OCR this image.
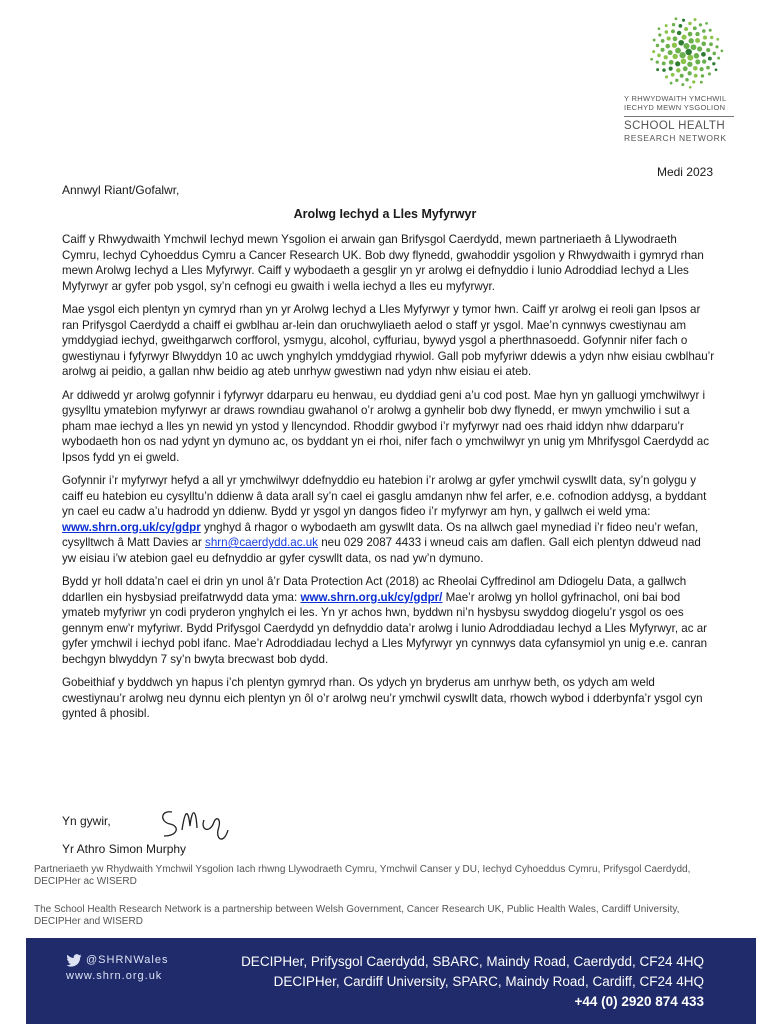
Y RHWYDWAITH YMCHWIL
IECHYD MEWN YSGOLION
SCHOOL HEALTH
RESEARCH NETWORK
Medi 2023
Annwyl Riant/Gofalwr,
Arolwg Iechyd a Lles Myfyrwyr

Caiff y Rhwydwaith Ymchwil Iechyd mewn Ysgolion ei arwain gan Brifysgol Caerdydd, mewn partneriaeth â Llywodraeth Cymru, Iechyd Cyhoeddus Cymru a Cancer Research UK. Bob dwy flynedd, gwahoddir ysgolion y Rhwydwaith i gymryd rhan mewn Arolwg Iechyd a Lles Myfyrwyr. Caiff y wybodaeth a gesglir yn yr arolwg ei defnyddio i lunio Adroddiad Iechyd a Lles Myfyrwyr ar gyfer pob ysgol, sy’n cefnogi eu gwaith i wella iechyd a lles eu myfyrwyr.

Mae ysgol eich plentyn yn cymryd rhan yn yr Arolwg Iechyd a Lles Myfyrwyr y tymor hwn. Caiff yr arolwg ei reoli gan Ipsos ar ran Prifysgol Caerdydd a chaiff ei gwblhau ar-lein dan oruchwyliaeth aelod o staff yr ysgol. Mae’n cynnwys cwestiynau am ymddygiad iechyd, gweithgarwch corfforol, ysmygu, alcohol, cyffuriau, bywyd ysgol a pherthnasoedd. Gofynnir nifer fach o gwestiynau i fyfyrwyr Blwyddyn 10 ac uwch ynghylch ymddygiad rhywiol. Gall pob myfyriwr ddewis a ydyn nhw eisiau cwblhau’r arolwg ai peidio, a gallan nhw beidio ag ateb unrhyw gwestiwn nad ydyn nhw eisiau ei ateb.

Ar ddiwedd yr arolwg gofynnir i fyfyrwyr ddarparu eu henwau, eu dyddiad geni a’u cod post. Mae hyn yn galluogi ymchwilwyr i gysylltu ymatebion myfyrwyr ar draws rowndiau gwahanol o’r arolwg a gynhelir bob dwy flynedd, er mwyn ymchwilio i sut a pham mae iechyd a lles yn newid yn ystod y llencyndod. Rhoddir gwybod i’r myfyrwyr nad oes rhaid iddyn nhw ddarparu’r wybodaeth hon os nad ydynt yn dymuno ac, os byddant yn ei rhoi, nifer fach o ymchwilwyr yn unig ym Mhrifysgol Caerdydd ac Ipsos fydd yn ei gweld.

Gofynnir i’r myfyrwyr hefyd a all yr ymchwilwyr ddefnyddio eu hatebion i’r arolwg ar gyfer ymchwil cyswllt data, sy’n golygu y caiff eu hatebion eu cysylltu’n ddienw â data arall sy’n cael ei gasglu amdanyn nhw fel arfer, e.e. cofnodion addysg, a byddant yn cael eu cadw a’u hadrodd yn ddienw. Bydd yr ysgol yn dangos fideo i’r myfyrwyr am hyn, y gallwch ei weld yma: www.shrn.org.uk/cy/gdpr ynghyd â rhagor o wybodaeth am gyswllt data. Os na allwch gael mynediad i’r fideo neu’r wefan, cysylltwch â Matt Davies ar shrn@caerdydd.ac.uk neu 029 2087 4433 i wneud cais am daflen. Gall eich plentyn ddweud nad yw eisiau i’w atebion gael eu defnyddio ar gyfer cyswllt data, os nad yw’n dymuno.

Bydd yr holl ddata’n cael ei drin yn unol â’r Data Protection Act (2018) ac Rheolai Cyffredinol am Ddiogelu Data, a gallwch ddarllen ein hysbysiad preifatrwydd data yma: www.shrn.org.uk/cy/gdpr/ Mae’r arolwg yn hollol gyfrinachol, oni bai bod ymateb myfyriwr yn codi pryderon ynghylch ei les. Yn yr achos hwn, byddwn ni’n hysbysu swyddog diogelu’r ysgol os oes gennym enw’r myfyriwr. Bydd Prifysgol Caerdydd yn defnyddio data’r arolwg i lunio Adroddiadau Iechyd a Lles Myfyrwyr, ac ar gyfer ymchwil i iechyd pobl ifanc. Mae’r Adroddiadau Iechyd a Lles Myfyrwyr yn cynnwys data cyfansymiol yn unig e.e. canran bechgyn blwyddyn 7 sy’n bwyta brecwast bob dydd.

Gobeithiaf y byddwch yn hapus i’ch plentyn gymryd rhan. Os ydych yn bryderus am unrhyw beth, os ydych am weld cwestiynau’r arolwg neu dynnu eich plentyn yn ôl o’r arolwg neu’r ymchwil cyswllt data, rhowch wybod i dderbynfa’r ysgol cyn gynted â phosibl.

Yn gywir,
Yr Athro Simon Murphy
Partneriaeth yw Rhydwaith Ymchwil Ysgolion Iach rhwng Llywodraeth Cymru, Ymchwil Canser y DU, Iechyd Cyhoeddus Cymru, Prifysgol Caerdydd, DECIPHer ac WISERD
The School Health Research Network is a partnership between Welsh Government, Cancer Research UK, Public Health Wales, Cardiff University, DECIPHer and WISERD
@SHRNWales
www.shrn.org.uk
DECIPHer, Prifysgol Caerdydd, SBARC, Maindy Road, Caerdydd, CF24 4HQ
DECIPHer, Cardiff University, SPARC, Maindy Road, Cardiff, CF24 4HQ
+44 (0) 2920 874 433
